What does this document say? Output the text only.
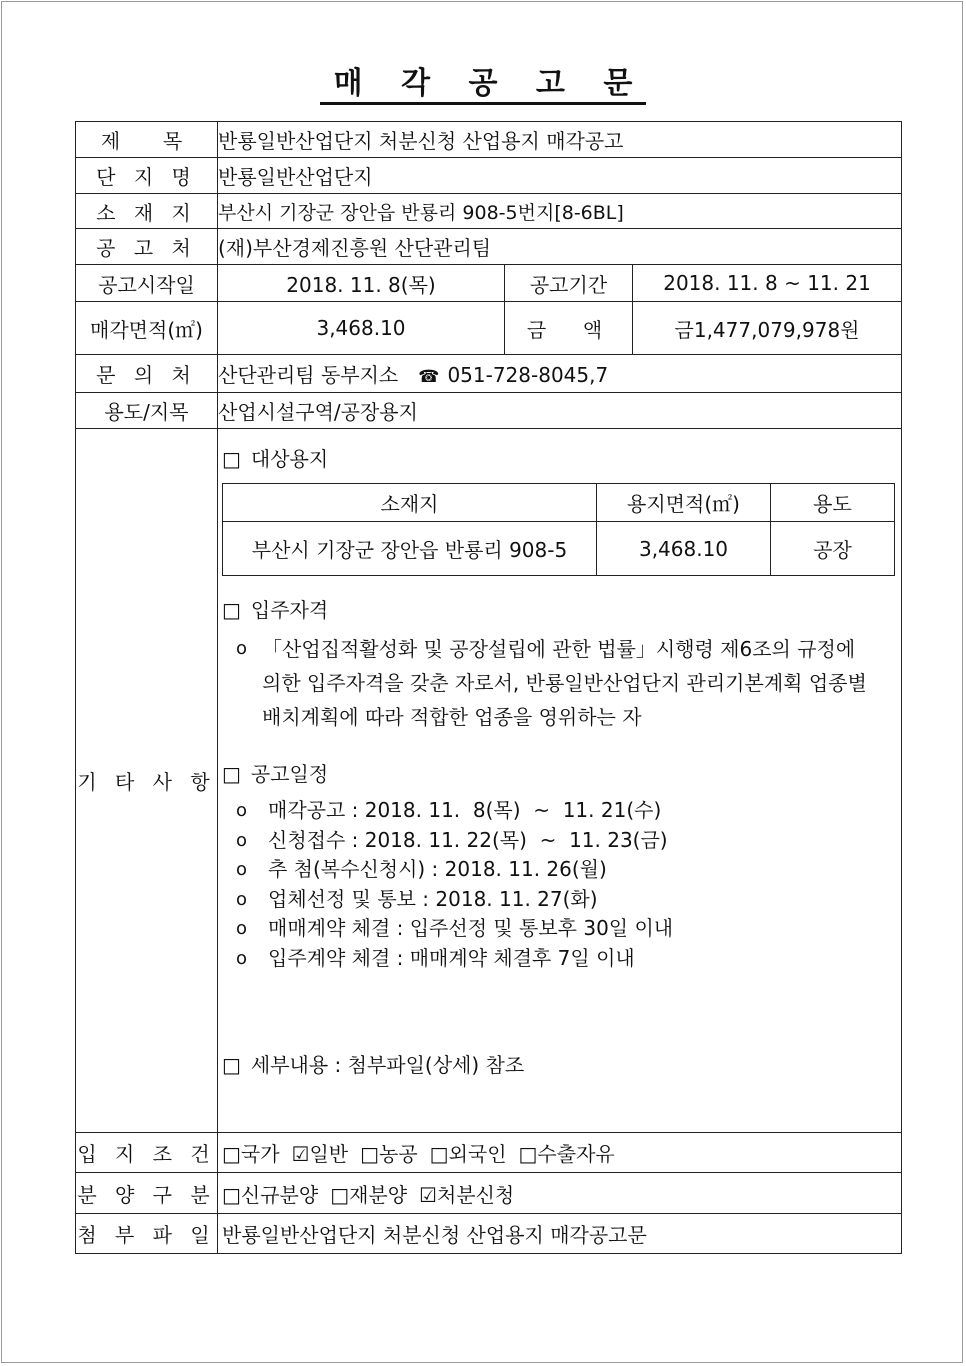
매 각 공 고 문
제  목	반룡일반산업단지 처분신청 산업용지 매각공고
단 지 명	반룡일반산업단지
소 재 지	부산시 기장군 장안읍 반룡리 908-5번지[8-6BL]
공 고 처	(재)부산경제진흥원 산단관리팀
공고시작일	2018. 11. 8(목)	공고기간	2018. 11. 8 ~ 11. 21
매각면적(㎡)	3,468.10	금  액	금1,477,079,978원
문 의 처	산단관리팀 동부지소 ☎ 051-728-8045,7
용도/지목	산업시설구역/공장용지
기 타 사 항	
□ 대상용지
소재지	용지면적(㎡)	용도
부산시 기장군 장안읍 반룡리 908-5	3,468.10	공장
□ 입주자격
o 「산업집적활성화 및 공장설립에 관한 법률」시행령 제6조의 규정에
의한 입주자격을 갖춘 자로서, 반룡일반산업단지 관리기본계획 업종별
배치계획에 따라 적합한 업종을 영위하는 자
□ 공고일정
o	매각공고 : 2018. 11.  8(목)  ~  11. 21(수)
o	신청접수 : 2018. 11. 22(목)  ~  11. 23(금)
o	추 첨(복수신청시) : 2018. 11. 26(월)
o	업체선정 및 통보 : 2018. 11. 27(화)
o	매매계약 체결 : 입주선정 및 통보후 30일 이내
o	입주계약 체결 : 매매계약 체결후 7일 이내
□ 세부내용 : 첨부파일(상세) 참조

입 지 조 건	□국가 ☑일반 □농공 □외국인 □수출자유
분 양 구 분	□신규분양 □재분양 ☑처분신청
첨 부 파 일	반룡일반산업단지 처분신청 산업용지 매각공고문
